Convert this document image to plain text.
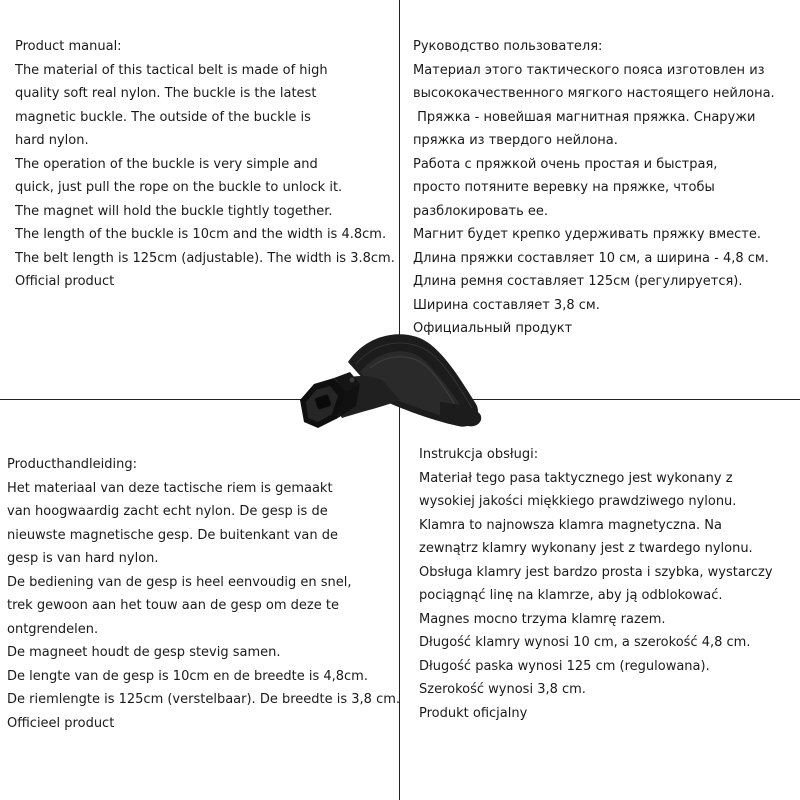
Product manual:
The material of this tactical belt is made of high
quality soft real nylon. The buckle is the latest
magnetic buckle. The outside of the buckle is
hard nylon.
The operation of the buckle is very simple and
quick, just pull the rope on the buckle to unlock it.
The magnet will hold the buckle tightly together.
The length of the buckle is 10cm and the width is 4.8cm.
The belt length is 125cm (adjustable). The width is 3.8cm.
Official product
Руководство пользователя:
Материал этого тактического пояса изготовлен из
высококачественного мягкого настоящего нейлона.
Пряжка - новейшая магнитная пряжка. Снаружи
пряжка из твердого нейлона.
Работа с пряжкой очень простая и быстрая,
просто потяните веревку на пряжке, чтобы
разблокировать ее.
Магнит будет крепко удерживать пряжку вместе.
Длина пряжки составляет 10 см, а ширина - 4,8 см.
Длина ремня составляет 125см (регулируется).
Ширина составляет 3,8 см.
Официальный продукт
Producthandleiding:
Het materiaal van deze tactische riem is gemaakt
van hoogwaardig zacht echt nylon. De gesp is de
nieuwste magnetische gesp. De buitenkant van de
gesp is van hard nylon.
De bediening van de gesp is heel eenvoudig en snel,
trek gewoon aan het touw aan de gesp om deze te
ontgrendelen.
De magneet houdt de gesp stevig samen.
De lengte van de gesp is 10cm en de breedte is 4,8cm.
De riemlengte is 125cm (verstelbaar). De breedte is 3,8 cm.
Officieel product
Instrukcja obsługi:
Materiał tego pasa taktycznego jest wykonany z
wysokiej jakości miękkiego prawdziwego nylonu.
Klamra to najnowsza klamra magnetyczna. Na
zewnątrz klamry wykonany jest z twardego nylonu.
Obsługa klamry jest bardzo prosta i szybka, wystarczy
pociągnąć linę na klamrze, aby ją odblokować.
Magnes mocno trzyma klamrę razem.
Długość klamry wynosi 10 cm, a szerokość 4,8 cm.
Długość paska wynosi 125 cm (regulowana).
Szerokość wynosi 3,8 cm.
Produkt oficjalny
